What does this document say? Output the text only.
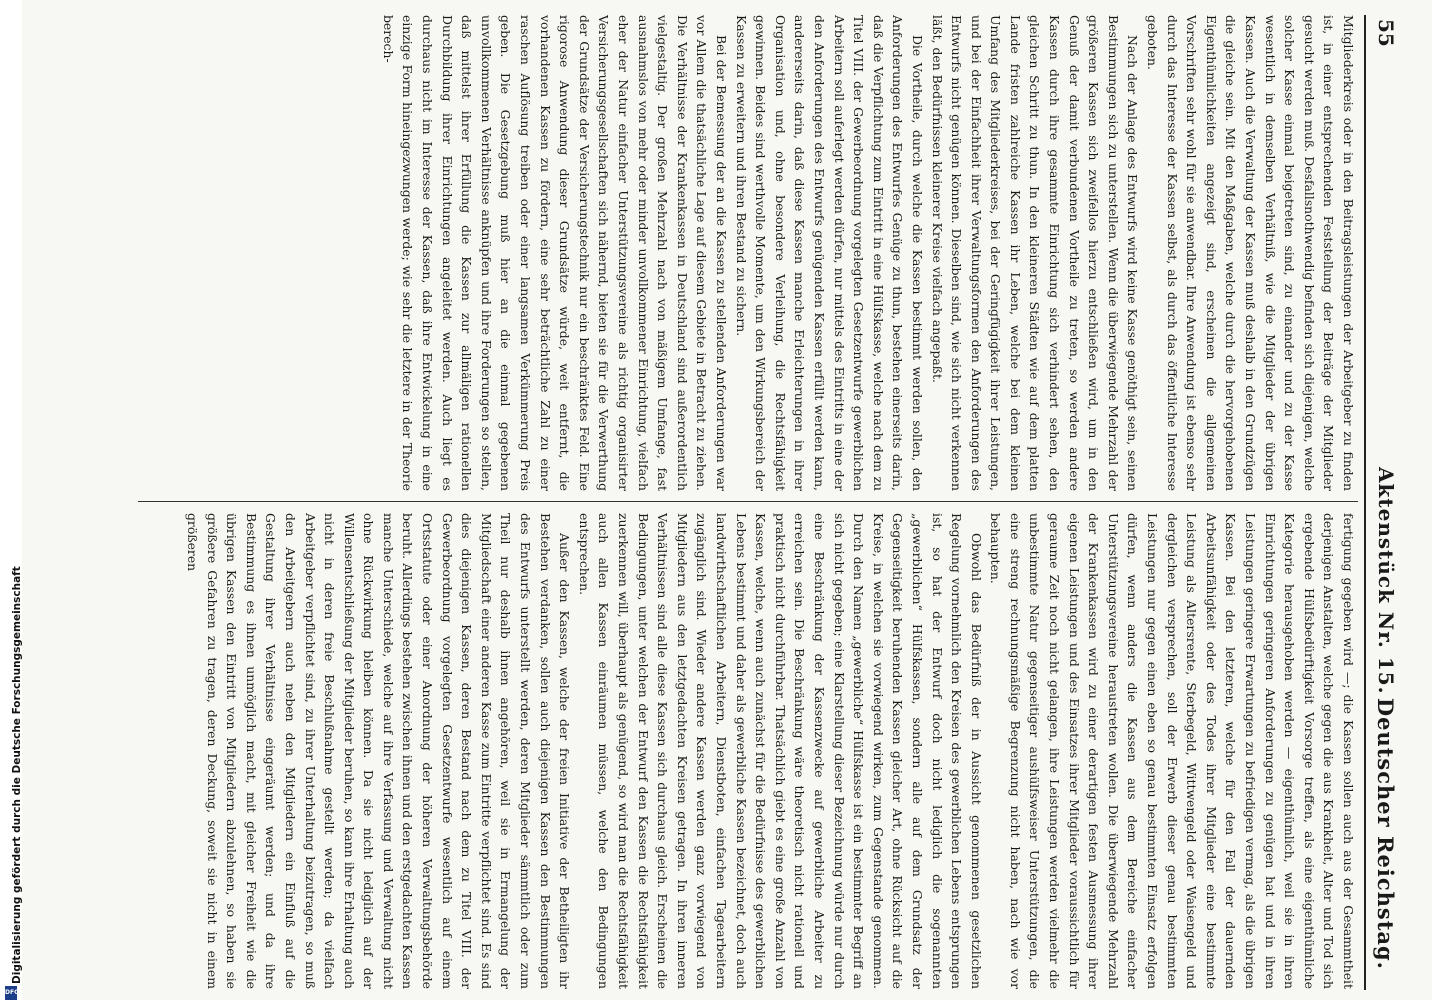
55
Aktenstück Nr. 15.
Deutscher Reichstag.

Mitgliederkreis oder in den Beitragsleistungen der Arbeitgeber zu finden ist, in einer entsprechenden Feststellung der Beiträge der Mitglieder gesucht werden muß. Desfallsnothwendig befinden sich diejenigen, welche solcher Kasse einmal beigetreten sind, zu einander und zu der Kasse wesentlich in demselben Verhältniß, wie die Mitglieder der übrigen Kassen. Auch die Verwaltung der Kassen muß deshalb in den Grundzügen die gleiche sein. Mit den Maßgaben, welche durch die hervorgehobenen Eigenthümlichkeiten angezeigt sind, erscheinen die allgemeinen Vorschriften sehr wohl für sie anwendbar. Ihre Anwendung ist ebenso sehr durch das Interesse der Kassen selbst, als durch das öffentliche Interesse geboten.

Nach der Anlage des Entwurfs wird keine Kasse genöthigt sein, seinen Bestimmungen sich zu unterstellen. Wenn die überwiegende Mehrzahl der größeren Kassen sich zweifellos hierzu entschließen wird, um in den Genuß der damit verbundenen Vortheile zu treten, so werden andere Kassen durch ihre gesammte Einrichtung sich verhindert sehen, den gleichen Schritt zu thun. In den kleineren Städten wie auf dem platten Lande fristen zahlreiche Kassen ihr Leben, welche bei dem kleinen Umfang des Mitgliederkreises, bei der Geringfügigkeit ihrer Leistungen, und bei der Einfachheit ihrer Verwaltungsformen den Anforderungen des Entwurfs nicht genügen können. Dieselben sind, wie sich nicht verkennen läßt, den Bedürfnissen kleinerer Kreise vielfach angepaßt.

Die Vortheile, durch welche die Kassen bestimmt werden sollen, den Anforderungen des Entwurfes Genüge zu thun, bestehen einerseits darin, daß die Verpflichtung zum Eintritt in eine Hülfskasse, welche nach dem zu Titel VIII. der Gewerbeordnung vorgelegten Gesetzentwurfe gewerblichen Arbeitern soll auferlegt werden dürfen, nur mittels des Eintritts in eine der den Anforderungen des Entwurfs genügenden Kassen erfüllt werden kann, andererseits darin, daß diese Kassen manche Erleichterungen in ihrer Organisation und, ohne besondere Verleihung, die Rechtsfähigkeit gewinnen. Beides sind werthvolle Momente, um den Wirkungsbereich der Kassen zu erweitern und ihren Bestand zu sichern.

Bei der Bemessung der an die Kassen zu stellenden Anforderungen war vor Allem die thatsächliche Lage auf diesem Gebiete in Betracht zu ziehen. Die Verhältnisse der Krankenkassen in Deutschland sind außerordentlich vielgestaltig. Der großen Mehrzahl nach von mäßigem Umfange, fast ausnahmslos von mehr oder minder unvollkommener Einrichtung, vielfach eher der Natur einfacher Unterstützungsvereine als richtig organisirter Versicherungsgesellschaften sich nähernd, bieten sie für die Verwerthung der Grundsätze der Versicherungstechnik nur ein beschränktes Feld. Eine rigorose Anwendung dieser Grundsätze würde, weit entfernt, die vorhandenen Kassen zu fördern, eine sehr beträchtliche Zahl zu einer raschen Auflösung treiben oder einer langsamen Verkümmerung Preis geben. Die Gesetzgebung muß hier an die einmal gegebenen unvollkommenen Verhältnisse anknüpfen und ihre Forderungen so stellen, daß mittelst ihrer Erfüllung die Kassen zur allmäligen rationellen Durchbildung ihrer Einrichtungen angeleitet werden. Auch liegt es durchaus nicht im Interesse der Kassen, daß ihre Entwickelung in eine einzige Form hineingezwungen werde; wie sehr die letztere in der Theorie berech-

fertigung gegeben wird —; die Kassen sollen auch aus der Gesammtheit derjenigen Anstalten, welche gegen die aus Krankheit, Alter und Tod sich ergebende Hülfsbedürftigkeit Vorsorge treffen, als eine eigenthümliche Kategorie herausgehoben werden — eigenthümlich, weil sie in ihren Einrichtungen geringeren Anforderungen zu genügen hat und in ihren Leistungen geringere Erwartungen zu befriedigen vermag, als die übrigen Kassen. Bei den letzteren, welche für den Fall der dauernden Arbeitsunfähigkeit oder des Todes ihrer Mitglieder eine bestimmte Leistung als Altersrente, Sterbegeld, Wittwengeld oder Waisengeld und dergleichen versprechen, soll der Erwerb dieser genau bestimmten Leistungen nur gegen einen eben so genau bestimmten Einsatz erfolgen dürfen, wenn anders die Kassen aus dem Bereiche einfacher Unterstützungsvereine heraustreten wollen. Die überwiegende Mehrzahl der Krankenkassen wird zu einer derartigen festen Ausmessung ihrer eigenen Leistungen und des Einsatzes ihrer Mitglieder voraussichtlich für geraume Zeit noch nicht gelangen, ihre Leistungen werden vielmehr die unbestimmte Natur gegenseitiger aushülfsweiser Unterstützungen, die eine streng rechnungsmäßige Begrenzung nicht haben, nach wie vor behaupten.

Obwohl das Bedürfniß der in Aussicht genommenen gesetzlichen Regelung vornehmlich den Kreisen des gewerblichen Lebens entsprungen ist, so hat der Entwurf doch nicht lediglich die sogenannten „gewerblichen“ Hülfskassen, sondern alle auf dem Grundsatz der Gegenseitigkeit beruhenden Kassen gleicher Art, ohne Rücksicht auf die Kreise, in welchen sie vorwiegend wirken, zum Gegenstande genommen. Durch den Namen „gewerbliche“ Hülfskasse ist ein bestimmter Begriff an sich nicht gegeben; eine Klarstellung dieser Bezeichnung würde nur durch eine Beschränkung der Kassenzwecke auf gewerbliche Arbeiter zu erreichen sein. Die Beschränkung wäre theoretisch nicht rationell und praktisch nicht durchführbar. Thatsächlich giebt es eine große Anzahl von Kassen, welche, wenn auch zunächst für die Bedürfnisse des gewerblichen Lebens bestimmt und daher als gewerbliche Kassen bezeichnet, doch auch landwirthschaftlichen Arbeitern, Dienstboten, einfachen Tagearbeitern zugänglich sind. Wieder andere Kassen werden ganz vorwiegend von Mitgliedern aus den letztgedachten Kreisen getragen. In ihren inneren Verhältnissen sind alle diese Kassen sich durchaus gleich. Erscheinen die Bedingungen, unter welchen der Entwurf den Kassen die Rechtsfähigkeit zuerkennen will, überhaupt als genügend, so wird man die Rechtsfähigkeit auch allen Kassen einräumen müssen, welche den Bedingungen entsprechen.

Außer den Kassen, welche der freien Initiative der Betheiligten ihr Bestehen verdanken, sollen auch diejenigen Kassen den Bestimmungen des Entwurfs unterstellt werden, deren Mitglieder sämmtlich oder zum Theil nur deshalb ihnen angehören, weil sie in Ermangelung der Mitgliedschaft einer anderen Kasse zum Eintritte verpflichtet sind. Es sind dies diejenigen Kassen, deren Bestand nach dem zu Titel VIII. der Gewerbeordnung vorgelegten Gesetzentwurfe wesentlich auf einem Ortsstatute oder einer Anordnung der höheren Verwaltungsbehörde beruht. Allerdings bestehen zwischen ihnen und den erstgedachten Kassen manche Unterschiede, welche auf ihre Verfassung und Verwaltung nicht ohne Rückwirkung bleiben können. Da sie nicht lediglich auf der Willensentschließung der Mitglieder beruhen, so kann ihre Erhaltung auch nicht in deren freie Beschlußnahme gestellt werden; da vielfach Arbeitgeber verpflichtet sind, zu ihrer Unterhaltung beizutragen, so muß den Arbeitgebern auch neben den Mitgliedern ein Einfluß auf die Gestaltung ihrer Verhältnisse eingeräumt werden; und da ihre Bestimmung es ihnen unmöglich macht, mit gleicher Freiheit wie die übrigen Kassen den Eintritt von Mitgliedern abzulehnen, so haben sie größere Gefahren zu tragen, deren Deckung, soweit sie nicht in einem größeren

Digitalisierung gefördert durch die Deutsche Forschungsgemeinschaft
DFG
